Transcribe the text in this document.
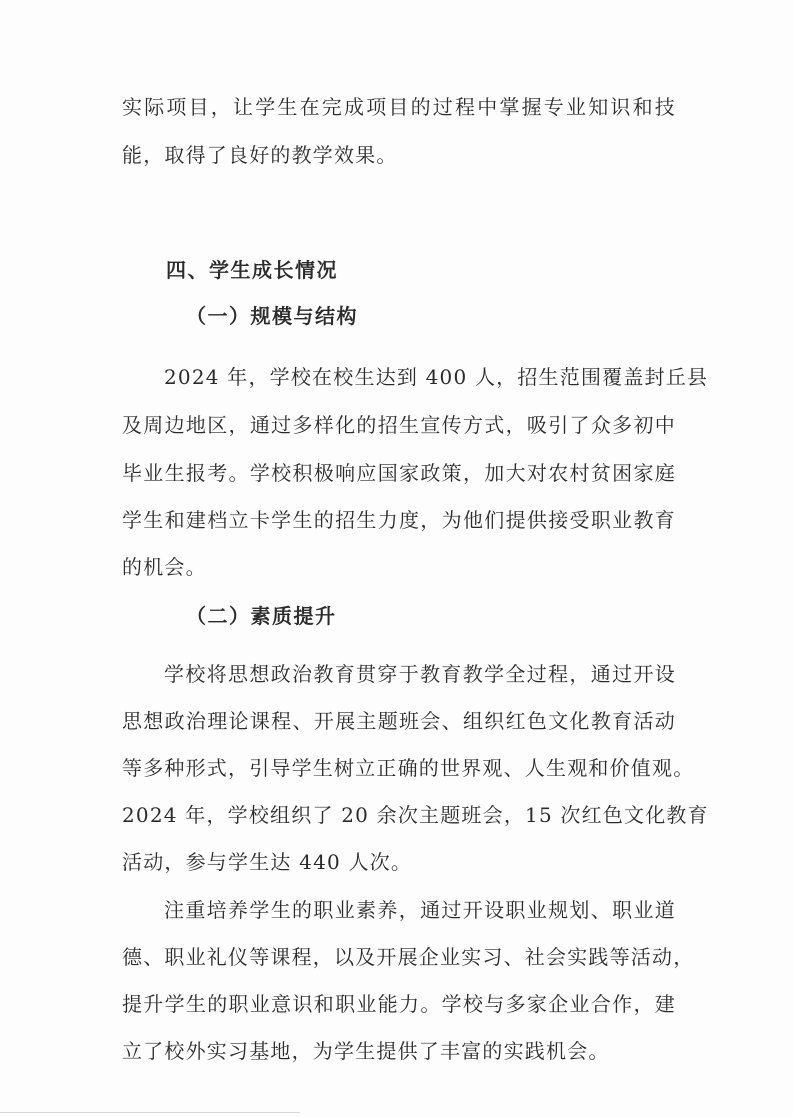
实际项目，让学生在完成项目的过程中掌握专业知识和技
能，取得了良好的教学效果。
四、学生成长情况
（一）规模与结构
2024 年，学校在校生达到 400 人，招生范围覆盖封丘县
及周边地区，通过多样化的招生宣传方式，吸引了众多初中
毕业生报考。学校积极响应国家政策，加大对农村贫困家庭
学生和建档立卡学生的招生力度，为他们提供接受职业教育
的机会。
（二）素质提升
学校将思想政治教育贯穿于教育教学全过程，通过开设
思想政治理论课程、开展主题班会、组织红色文化教育活动
等多种形式，引导学生树立正确的世界观、人生观和价值观。
2024 年，学校组织了 20 余次主题班会，15 次红色文化教育
活动，参与学生达 440 人次。
注重培养学生的职业素养，通过开设职业规划、职业道
德、职业礼仪等课程，以及开展企业实习、社会实践等活动，
提升学生的职业意识和职业能力。学校与多家企业合作，建
立了校外实习基地，为学生提供了丰富的实践机会。
